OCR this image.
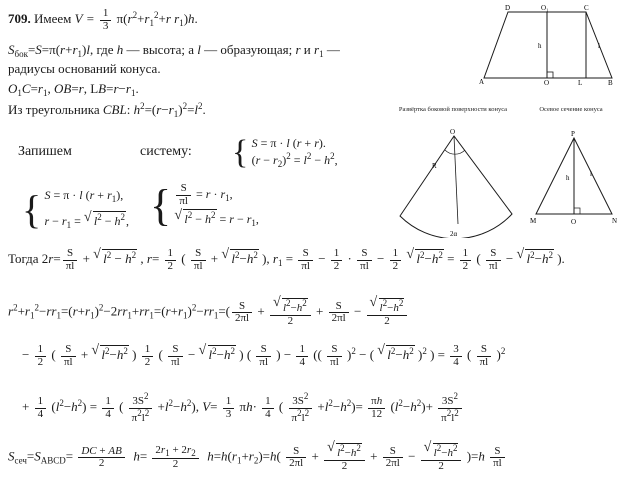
709. Имеем $V = \frac{1}{3} \pi(r^2+r_1^2+r$ $r_1)h$.
$S_{бок}=S=\pi(r+r_1)l$, где h — высота; a l — образующая; r и $r_1$ —
радиусы оснований конуса.
$O_1C=r_1$, OB=r, $LB=r-r_1$.
Из треугольника CBL: $h^2=(r-r_1)^2=l^2$.
Запишем	систему: { S = π · l (r + r).
$(r - r_2)^2 = l^2 - h^2$,
{ S = π · l $(r + r_1)$,
$r - r_1$ = √ $l^2 - h^2$, { $\frac{S}{\pi l} = r \cdot r_1$,
√ $l^2 - h^2 = r - r_1$,
Тогда $2r= \frac{S}{\pi l}$ + √ $l^2 - h^2$ , $r= \frac{1}{2}$ ( $\frac{S}{\pi l}$ + √ $l^2-h^2$ ), $r_1 = \frac{S}{\pi l} - \frac{1}{2} \cdot \frac{S}{\pi l} - \frac{1}{2}$ √ $l^2-h^2 = \frac{1}{2}$ ( $\frac{S}{\pi l}$ − √ $l^2-h^2$ ).
$r^2+r_1^2-rr_1=(r+r_1)^2-2rr_1+rr_1=(r+r_1)^2-rr_1=( \frac{S}{2\pi l}$ + √ $\frac{l^2-h^2}{2} + \frac{S}{2\pi l}$ − √ $\frac{l^2-h^2}{2}$
− $\frac{1}{2}$ ( $\frac{S}{\pi l}$ + √ $l^2-h^2$ ) $\frac{1}{2}$ ( $\frac{S}{\pi l}$ − √ $l^2-h^2$ ) ( $\frac{S}{\pi l}$ ) − $\frac{1}{4}$ (( $\frac{S}{\pi l} )^2$ − ( √ $l^2-h^2$ )$^2$ ) = $\frac{3}{4}$ ( $\frac{S}{\pi l} )^2$
+ $\frac{1}{4} (l^2-h^2) = \frac{1}{4}$ ( $\frac{3S^2}{\pi^2l^2} +l^2-h^2$), $V= \frac{1}{3} \pi h\cdot \frac{1}{4}$ ( $\frac{3S^2}{\pi^2l^2} +l^2-h^2)= \frac{\pi h}{12} (l^2-h^2)+ \frac{3S^2}{\pi^2l^2}$
$S_{сеч}=S_{ABCD}= \frac{DC + AB}{2} h= \frac{2r_1 + 2r_2}{2} h=h(r_1+r_2)=h( \frac{S}{2\pi l}$ + √ $\frac{l^2-h^2}{2} + \frac{S}{2\pi l}$ − √ $\frac{l^2-h^2}{2} )=h \frac{S}{\pi l}$
D	O₁	C
h	l
A	O	L	B
Развёртка боковой поверхности конуса
O
R
2α
Осевое сечение конуса
P
h	l
M	O	N
